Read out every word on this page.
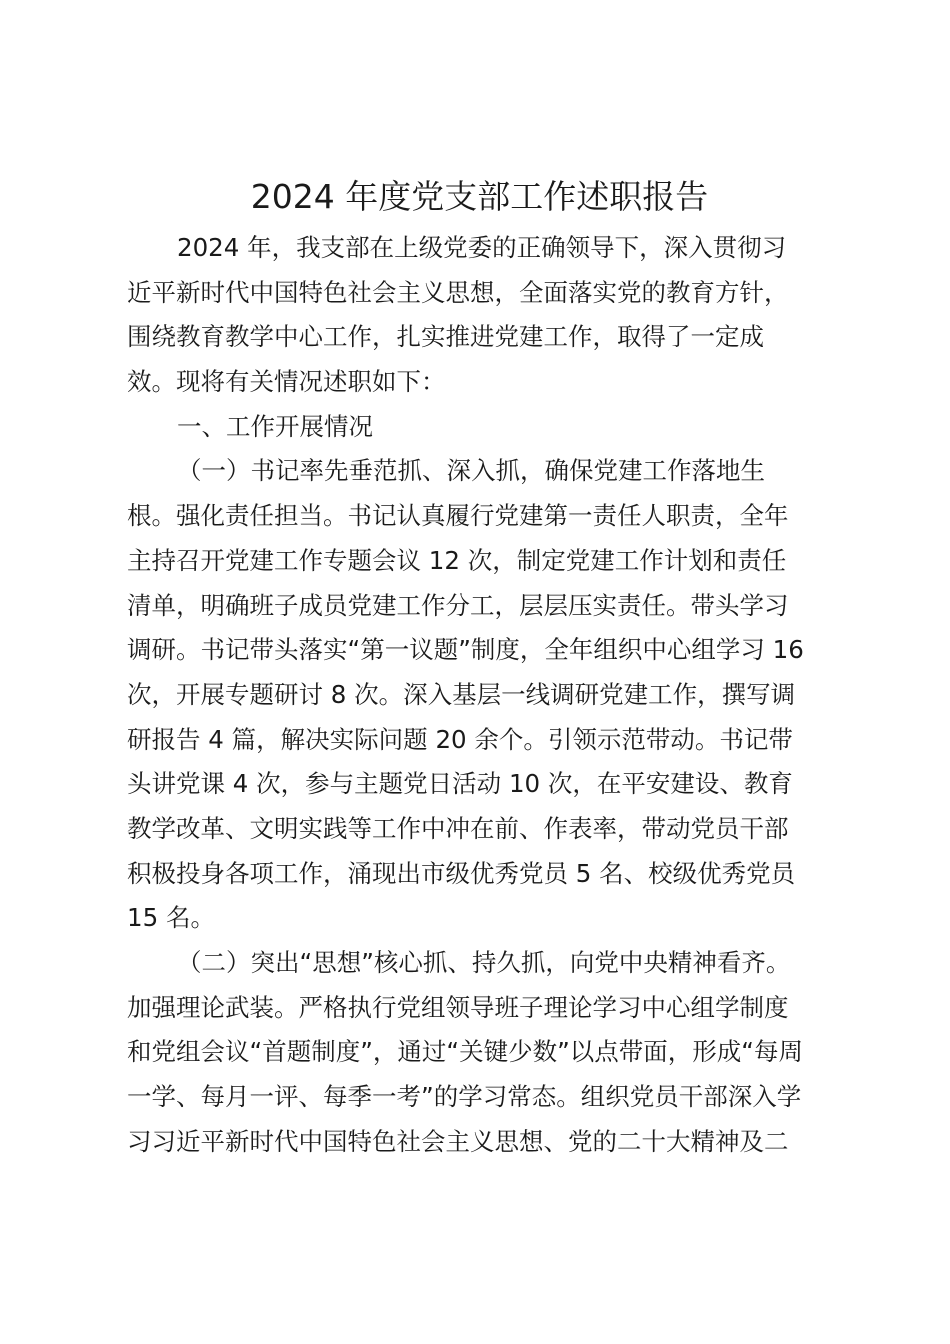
2024 年度党支部工作述职报告

2024 年，我支部在上级党委的正确领导下，深入贯彻习

近平新时代中国特色社会主义思想，全面落实党的教育方针，

围绕教育教学中心工作，扎实推进党建工作，取得了一定成

效。现将有关情况述职如下：

一、工作开展情况

（一）书记率先垂范抓、深入抓，确保党建工作落地生

根。强化责任担当。书记认真履行党建第一责任人职责，全年

主持召开党建工作专题会议 12 次，制定党建工作计划和责任

清单，明确班子成员党建工作分工，层层压实责任。带头学习

调研。书记带头落实“第一议题”制度，全年组织中心组学习 16

次，开展专题研讨 8 次。深入基层一线调研党建工作，撰写调

研报告 4 篇，解决实际问题 20 余个。引领示范带动。书记带

头讲党课 4 次，参与主题党日活动 10 次，在平安建设、教育

教学改革、文明实践等工作中冲在前、作表率，带动党员干部

积极投身各项工作，涌现出市级优秀党员 5 名、校级优秀党员

15 名。

（二）突出“思想”核心抓、持久抓，向党中央精神看齐。

加强理论武装。严格执行党组领导班子理论学习中心组学制度

和党组会议“首题制度”，通过“关键少数”以点带面，形成“每周

一学、每月一评、每季一考”的学习常态。组织党员干部深入学

习习近平新时代中国特色社会主义思想、党的二十大精神及二
